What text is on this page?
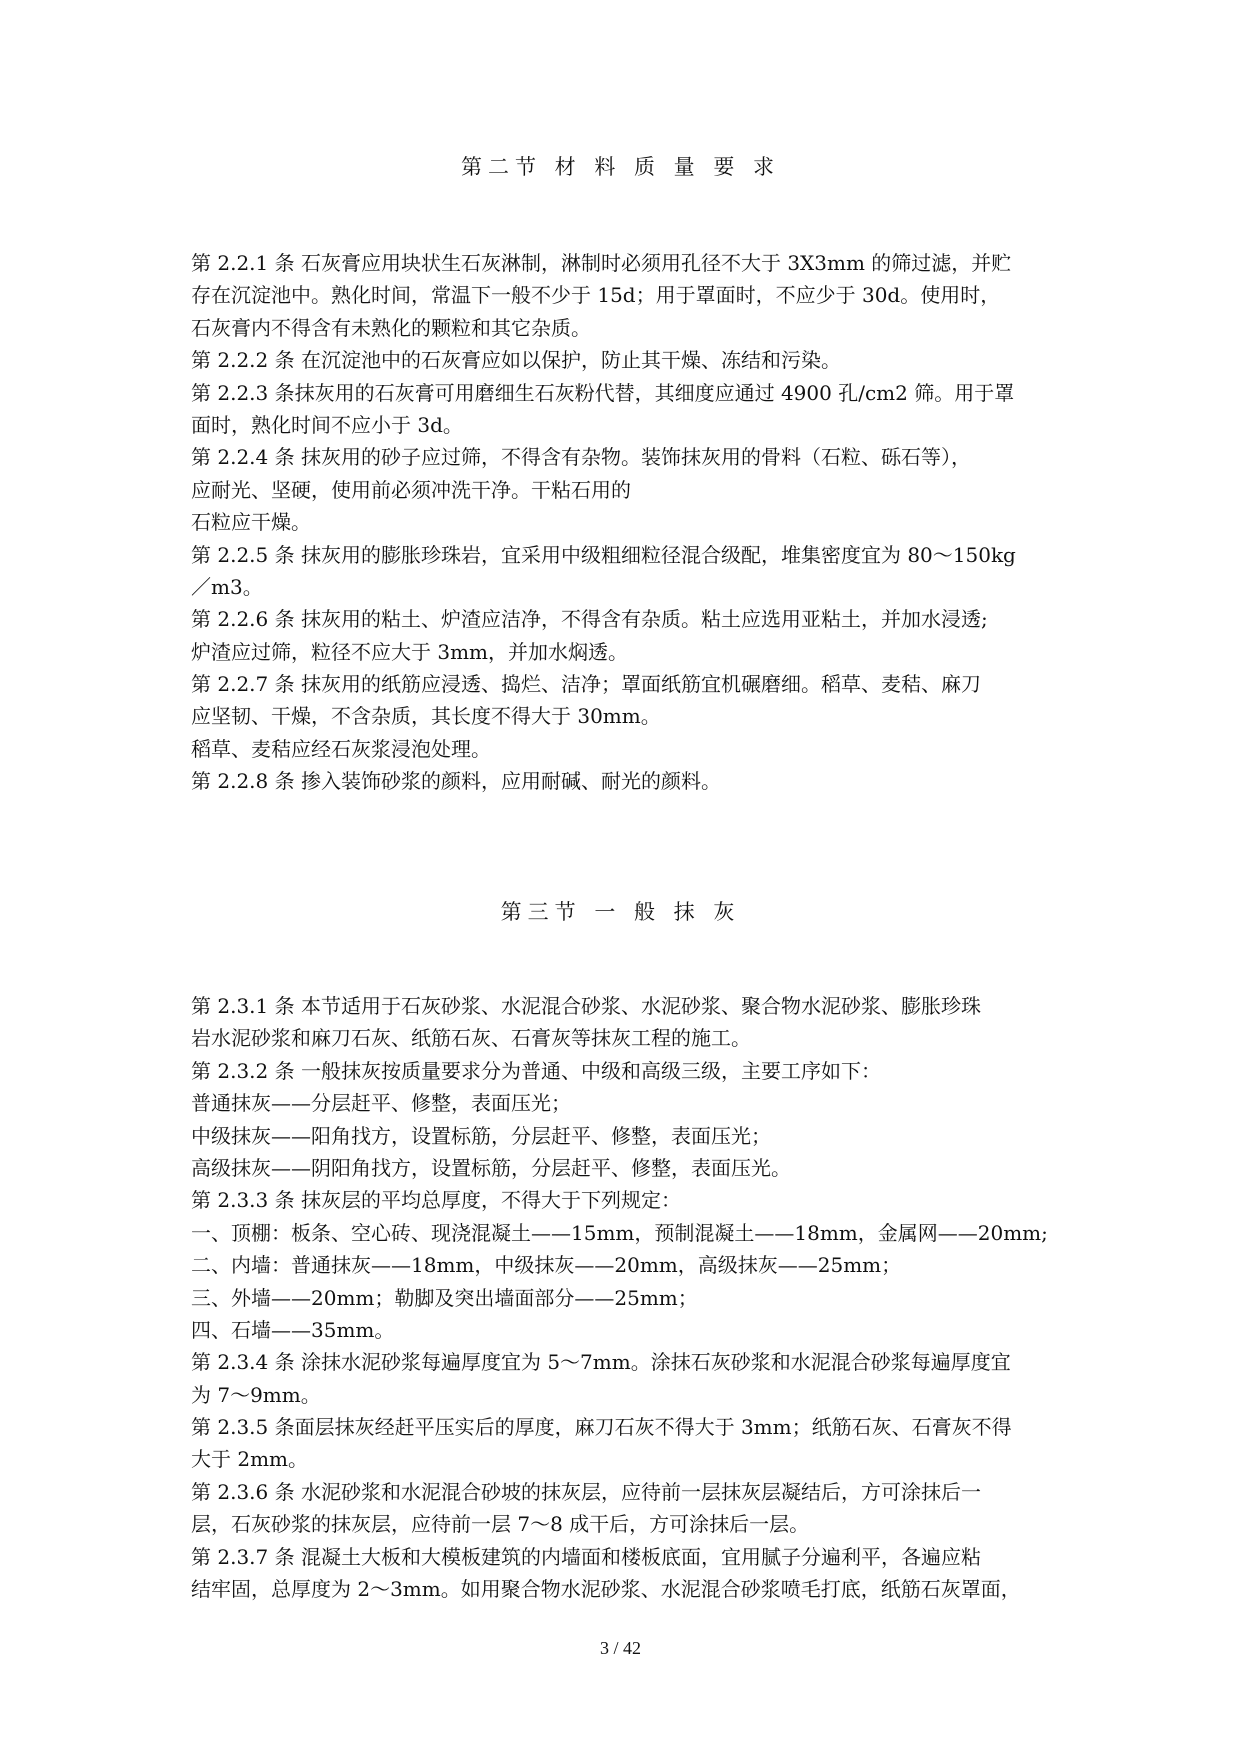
第二节 材 料 质 量 要 求
第 2.2.1 条 石灰膏应用块状生石灰淋制，淋制时必须用孔径不大于 3X3mm 的筛过滤，并贮
存在沉淀池中。熟化时间，常温下一般不少于 15d；用于罩面时，不应少于 30d。使用时，
石灰膏内不得含有未熟化的颗粒和其它杂质。
第 2.2.2 条 在沉淀池中的石灰膏应如以保护，防止其干燥、冻结和污染。
第 2.2.3 条抹灰用的石灰膏可用磨细生石灰粉代替，其细度应通过 4900 孔/cm2 筛。用于罩
面时，熟化时间不应小于 3d。
第 2.2.4 条 抹灰用的砂子应过筛，不得含有杂物。装饰抹灰用的骨料（石粒、砾石等），
应耐光、坚硬，使用前必须冲洗干净。干粘石用的
石粒应干燥。
第 2.2.5 条 抹灰用的膨胀珍珠岩，宜采用中级粗细粒径混合级配，堆集密度宜为 80～150kg
／m3。
第 2.2.6 条 抹灰用的粘土、炉渣应洁净，不得含有杂质。粘土应选用亚粘土，并加水浸透;
炉渣应过筛，粒径不应大于 3mm，并加水焖透。
第 2.2.7 条 抹灰用的纸筋应浸透、捣烂、洁净；罩面纸筋宜机碾磨细。稻草、麦秸、麻刀
应坚韧、干燥，不含杂质，其长度不得大于 30mm。
稻草、麦秸应经石灰浆浸泡处理。
第 2.2.8 条 掺入装饰砂浆的颜料，应用耐碱、耐光的颜料。
第三节 一 般 抹 灰
第 2.3.1 条 本节适用于石灰砂浆、水泥混合砂浆、水泥砂浆、聚合物水泥砂浆、膨胀珍珠
岩水泥砂浆和麻刀石灰、纸筋石灰、石膏灰等抹灰工程的施工。
第 2.3.2 条 一般抹灰按质量要求分为普通、中级和高级三级，主要工序如下：
普通抹灰——分层赶平、修整，表面压光；
中级抹灰——阳角找方，设置标筋，分层赶平、修整，表面压光；
高级抹灰——阴阳角找方，设置标筋，分层赶平、修整，表面压光。
第 2.3.3 条 抹灰层的平均总厚度，不得大于下列规定：
一、顶棚：板条、空心砖、现浇混凝土——15mm，预制混凝土——18mm，金属网——20mm;
二、内墙：普通抹灰——18mm，中级抹灰——20mm，高级抹灰——25mm；
三、外墙——20mm；勒脚及突出墙面部分——25mm；
四、石墙——35mm。
第 2.3.4 条 涂抹水泥砂浆每遍厚度宜为 5～7mm。涂抹石灰砂浆和水泥混合砂浆每遍厚度宜
为 7～9mm。
第 2.3.5 条面层抹灰经赶平压实后的厚度，麻刀石灰不得大于 3mm；纸筋石灰、石膏灰不得
大于 2mm。
第 2.3.6 条 水泥砂浆和水泥混合砂坡的抹灰层，应待前一层抹灰层凝结后，方可涂抹后一
层，石灰砂浆的抹灰层，应待前一层 7～8 成干后，方可涂抹后一层。
第 2.3.7 条 混凝土大板和大模板建筑的内墙面和楼板底面，宜用腻子分遍利平，各遍应粘
结牢固，总厚度为 2～3mm。如用聚合物水泥砂浆、水泥混合砂浆喷毛打底，纸筋石灰罩面，
3 / 42
